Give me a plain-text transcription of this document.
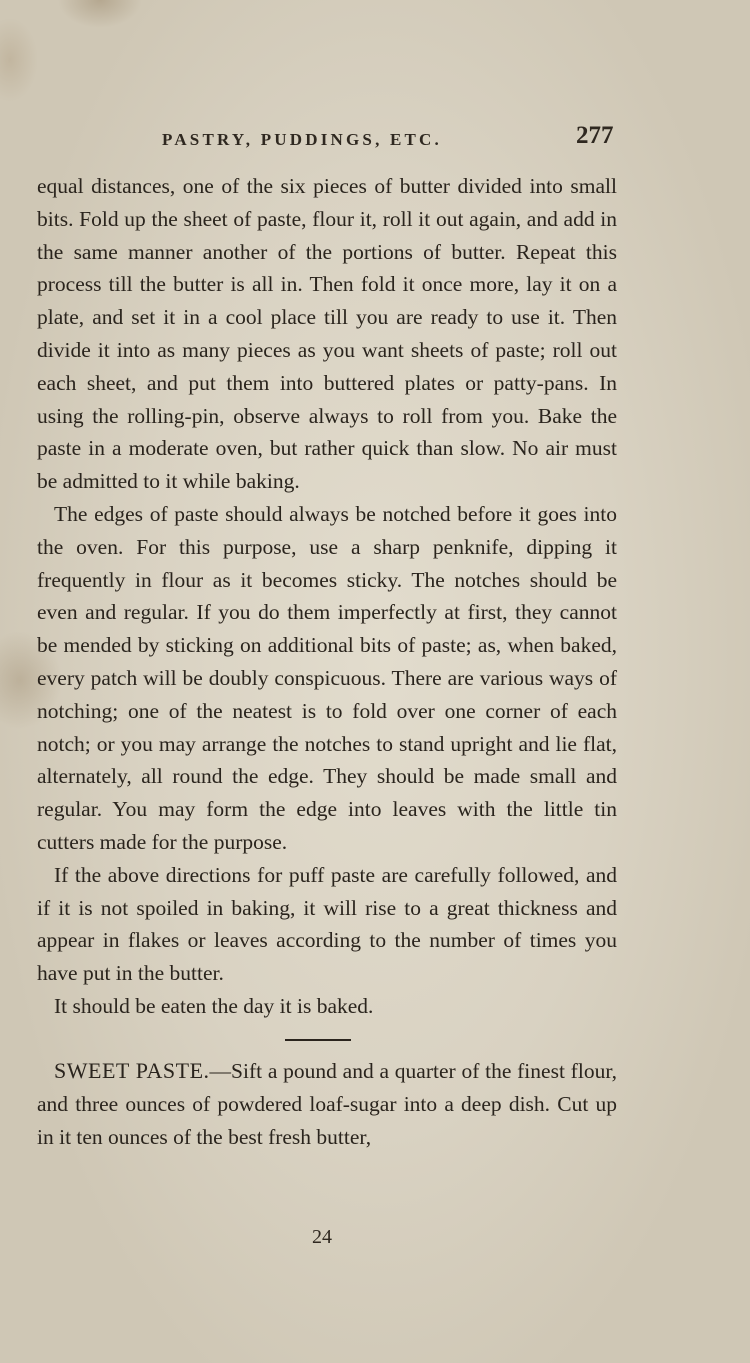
PASTRY, PUDDINGS, ETC.	277

equal distances, one of the six pieces of butter divided into small bits. Fold up the sheet of paste, flour it, roll it out again, and add in the same manner another of the portions of butter. Repeat this process till the butter is all in. Then fold it once more, lay it on a plate, and set it in a cool place till you are ready to use it. Then divide it into as many pieces as you want sheets of paste; roll out each sheet, and put them into buttered plates or patty-pans. In using the rolling-pin, observe always to roll from you. Bake the paste in a moderate oven, but rather quick than slow. No air must be admitted to it while baking.

The edges of paste should always be notched before it goes into the oven. For this purpose, use a sharp penknife, dipping it frequently in flour as it becomes sticky. The notches should be even and regular. If you do them imperfectly at first, they cannot be mended by sticking on additional bits of paste; as, when baked, every patch will be doubly conspicuous. There are various ways of notching; one of the neatest is to fold over one corner of each notch; or you may arrange the notches to stand upright and lie flat, alternately, all round the edge. They should be made small and regular. You may form the edge into leaves with the little tin cutters made for the purpose.

If the above directions for puff paste are carefully followed, and if it is not spoiled in baking, it will rise to a great thickness and appear in flakes or leaves according to the number of times you have put in the butter.

It should be eaten the day it is baked.

SWEET PASTE.—Sift a pound and a quarter of the finest flour, and three ounces of powdered loaf-sugar into a deep dish. Cut up in it ten ounces of the best fresh butter,

24
